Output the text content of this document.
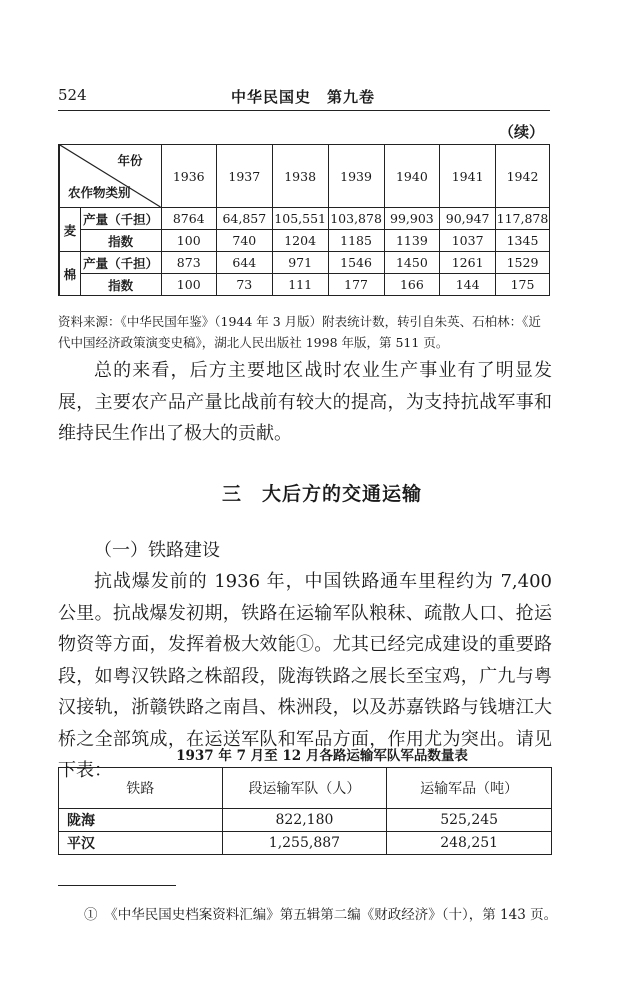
524	中华民国史　第九卷
（续）
年份
农作物类别		1936	1937	1938	1939	1940	1941	1942
麦	产量（千担）	8764	64,857	105,551	103,878	99,903	90,947	117,878
	指数	100	740	1204	1185	1139	1037	1345
棉	产量（千担）	873	644	971	1546	1450	1261	1529
	指数	100	73	111	177	166	144	175
资料来源：《中华民国年鉴》（1944 年 3 月版）附表统计数，转引自朱英、石柏林：《近代中国经济政策演变史稿》，湖北人民出版社 1998 年版，第 511 页。
总的来看，后方主要地区战时农业生产事业有了明显发展，主要农产品产量比战前有较大的提高，为支持抗战军事和维持民生作出了极大的贡献。
三　大后方的交通运输
（一）铁路建设
抗战爆发前的 1936 年，中国铁路通车里程约为 7,400 公里。抗战爆发初期，铁路在运输军队粮秣、疏散人口、抢运物资等方面，发挥着极大效能①。尤其已经完成建设的重要路段，如粤汉铁路之株韶段，陇海铁路之展长至宝鸡，广九与粤汉接轨，浙赣铁路之南昌、株洲段，以及苏嘉铁路与钱塘江大桥之全部筑成，在运送军队和军品方面，作用尤为突出。请见下表：
1937 年 7 月至 12 月各路运输军队军品数量表
铁路	段运输军队（人）	运输军品（吨）
陇海	822,180	525,245
平汉	1,255,887	248,251
①　《中华民国史档案资料汇编》第五辑第二编《财政经济》（十），第 143 页。
